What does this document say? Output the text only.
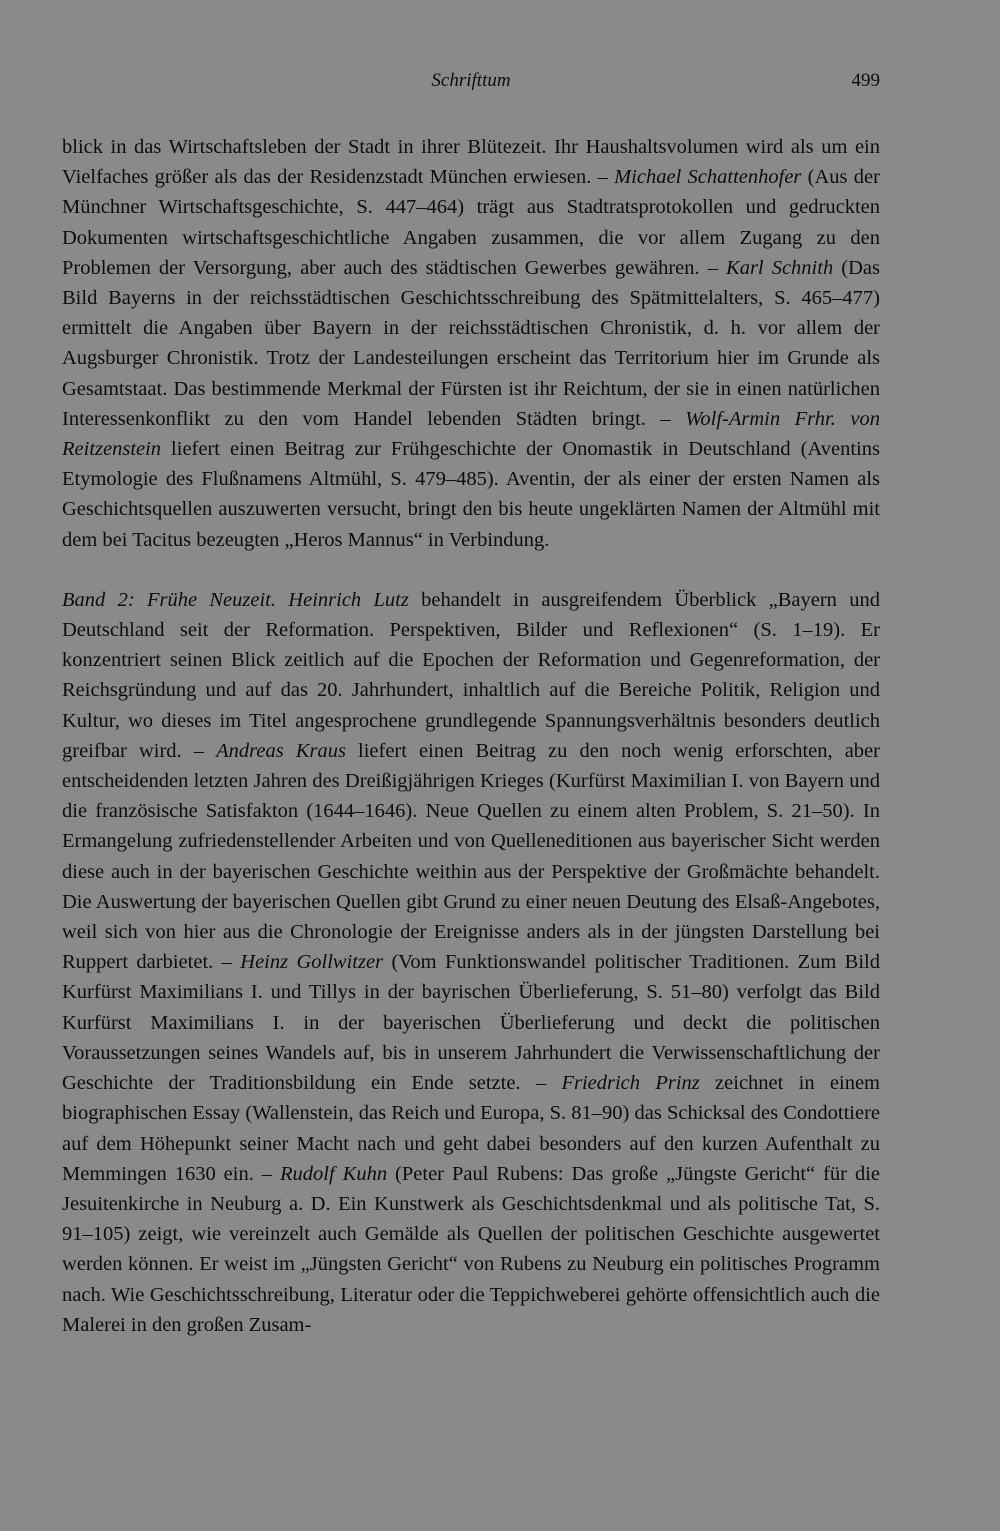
Schrifttum	499

blick in das Wirtschaftsleben der Stadt in ihrer Blütezeit. Ihr Haushaltsvolumen wird als um ein Vielfaches größer als das der Residenzstadt München erwiesen. – Michael Schattenhofer (Aus der Münchner Wirtschaftsgeschichte, S. 447–464) trägt aus Stadtratsprotokollen und gedruckten Dokumenten wirtschaftsgeschichtliche Angaben zusammen, die vor allem Zugang zu den Problemen der Versorgung, aber auch des städtischen Gewerbes gewähren. – Karl Schnith (Das Bild Bayerns in der reichsstädtischen Geschichtsschreibung des Spätmittelalters, S. 465–477) ermittelt die Angaben über Bayern in der reichsstädtischen Chronistik, d. h. vor allem der Augsburger Chronistik. Trotz der Landesteilungen erscheint das Territorium hier im Grunde als Gesamtstaat. Das bestimmende Merkmal der Fürsten ist ihr Reichtum, der sie in einen natürlichen Interessenkonflikt zu den vom Handel lebenden Städten bringt. – Wolf-Armin Frhr. von Reitzenstein liefert einen Beitrag zur Frühgeschichte der Onomastik in Deutschland (Aventins Etymologie des Flußnamens Altmühl, S. 479–485). Aventin, der als einer der ersten Namen als Geschichtsquellen auszuwerten versucht, bringt den bis heute ungeklärten Namen der Altmühl mit dem bei Tacitus bezeugten „Heros Mannus“ in Verbindung.

Band 2: Frühe Neuzeit. Heinrich Lutz behandelt in ausgreifendem Überblick „Bayern und Deutschland seit der Reformation. Perspektiven, Bilder und Reflexionen“ (S. 1–19). Er konzentriert seinen Blick zeitlich auf die Epochen der Reformation und Gegenreformation, der Reichsgründung und auf das 20. Jahrhundert, inhaltlich auf die Bereiche Politik, Religion und Kultur, wo dieses im Titel angesprochene grundlegende Spannungsverhältnis besonders deutlich greifbar wird. – Andreas Kraus liefert einen Beitrag zu den noch wenig erforschten, aber entscheidenden letzten Jahren des Dreißigjährigen Krieges (Kurfürst Maximilian I. von Bayern und die französische Satisfakton (1644–1646). Neue Quellen zu einem alten Problem, S. 21–50). In Ermangelung zufriedenstellender Arbeiten und von Quelleneditionen aus bayerischer Sicht werden diese auch in der bayerischen Geschichte weithin aus der Perspektive der Großmächte behandelt. Die Auswertung der bayerischen Quellen gibt Grund zu einer neuen Deutung des Elsaß-Angebotes, weil sich von hier aus die Chronologie der Ereignisse anders als in der jüngsten Darstellung bei Ruppert darbietet. – Heinz Gollwitzer (Vom Funktionswandel politischer Traditionen. Zum Bild Kurfürst Maximilians I. und Tillys in der bayrischen Überlieferung, S. 51–80) verfolgt das Bild Kurfürst Maximilians I. in der bayerischen Überlieferung und deckt die politischen Voraussetzungen seines Wandels auf, bis in unserem Jahrhundert die Verwissenschaftlichung der Geschichte der Traditionsbildung ein Ende setzte. – Friedrich Prinz zeichnet in einem biographischen Essay (Wallenstein, das Reich und Europa, S. 81–90) das Schicksal des Condottiere auf dem Höhepunkt seiner Macht nach und geht dabei besonders auf den kurzen Aufenthalt zu Memmingen 1630 ein. – Rudolf Kuhn (Peter Paul Rubens: Das große „Jüngste Gericht“ für die Jesuitenkirche in Neuburg a. D. Ein Kunstwerk als Geschichtsdenkmal und als politische Tat, S. 91–105) zeigt, wie vereinzelt auch Gemälde als Quellen der politischen Geschichte ausgewertet werden können. Er weist im „Jüngsten Gericht“ von Rubens zu Neuburg ein politisches Programm nach. Wie Geschichtsschreibung, Literatur oder die Teppichweberei gehörte offensichtlich auch die Malerei in den großen Zusam-
